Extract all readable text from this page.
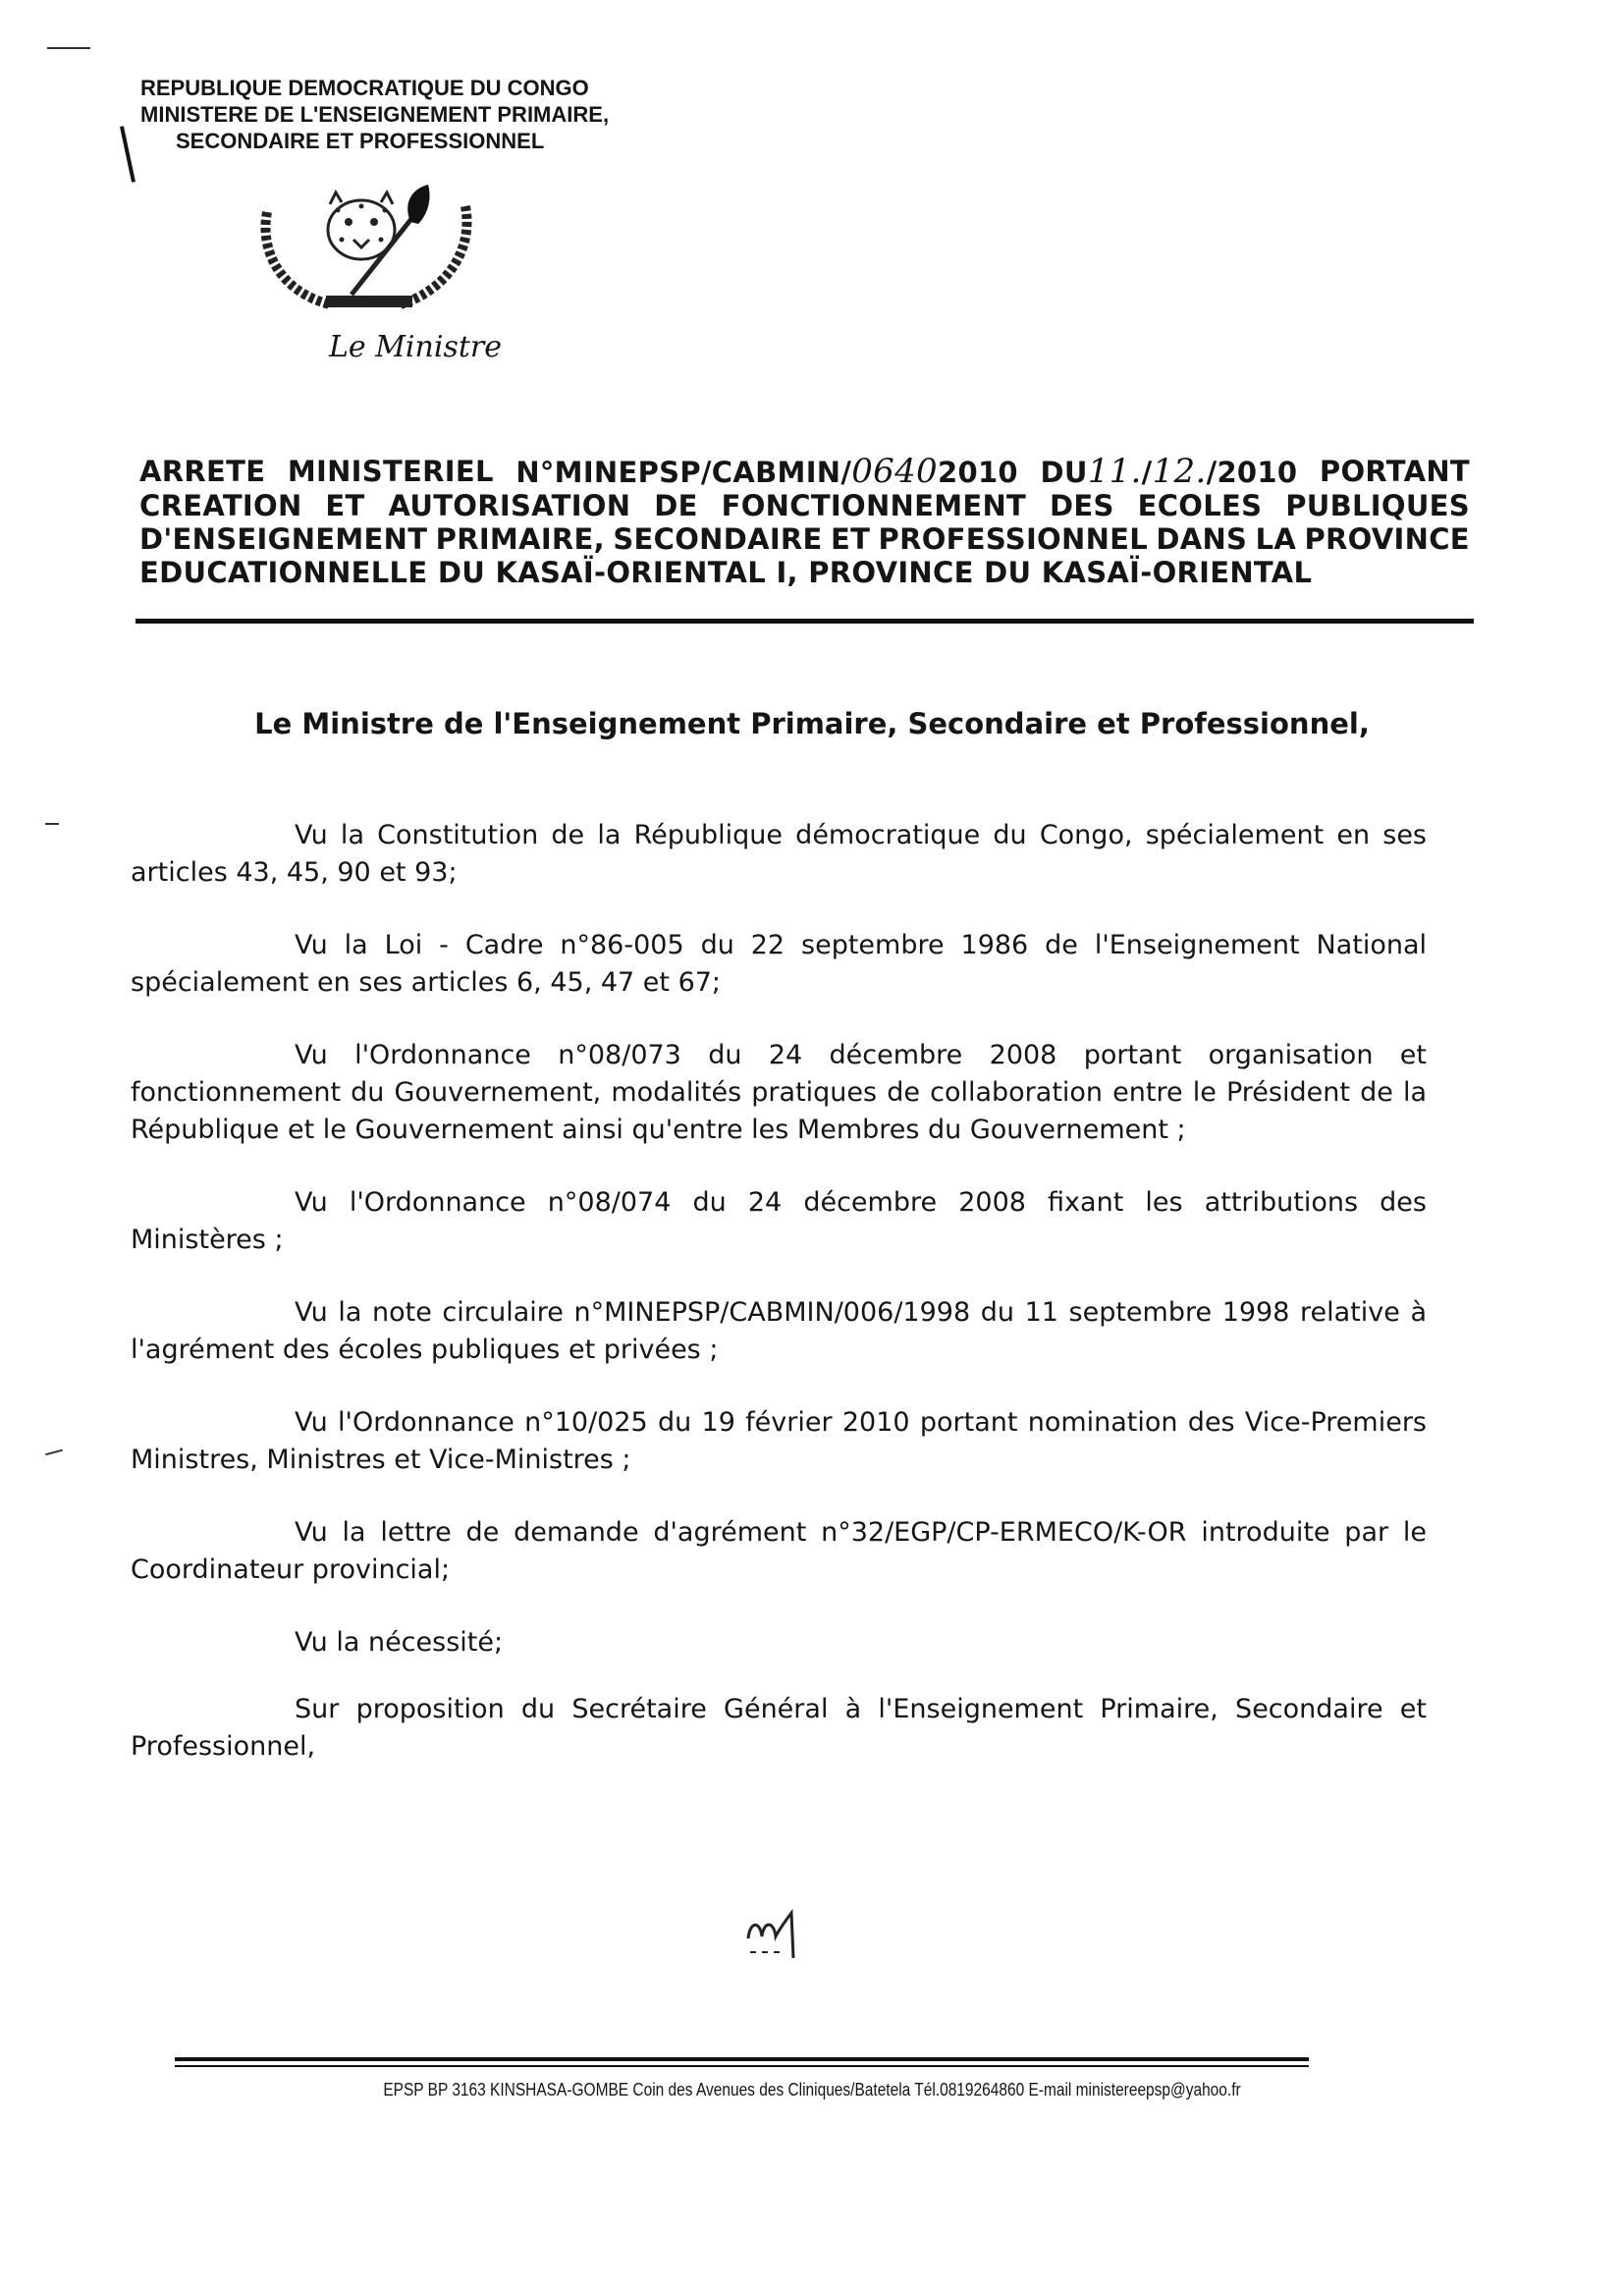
REPUBLIQUE DEMOCRATIQUE DU CONGO
MINISTERE DE L'ENSEIGNEMENT PRIMAIRE,
SECONDAIRE ET PROFESSIONNEL
Le Ministre
ARRETE MINISTERIEL N°MINEPSP/CABMIN/06402010 DU11./12./2010 PORTANT
CREATION ET AUTORISATION DE FONCTIONNEMENT DES ECOLES PUBLIQUES
D'ENSEIGNEMENT PRIMAIRE, SECONDAIRE ET PROFESSIONNEL DANS LA PROVINCE
EDUCATIONNELLE DU KASAÏ-ORIENTAL I, PROVINCE DU KASAÏ-ORIENTAL
Le Ministre de l'Enseignement Primaire, Secondaire et Professionnel,

Vu la Constitution de la République démocratique du Congo, spécialement en ses articles 43, 45, 90 et 93;

Vu la Loi - Cadre n°86-005 du 22 septembre 1986 de l'Enseignement National spécialement en ses articles 6, 45, 47 et 67;

Vu l'Ordonnance n°08/073 du 24 décembre 2008 portant organisation et fonctionnement du Gouvernement, modalités pratiques de collaboration entre le Président de la République et le Gouvernement ainsi qu'entre les Membres du Gouvernement ;

Vu l'Ordonnance n°08/074 du 24 décembre 2008 fixant les attributions des Ministères ;

Vu la note circulaire n°MINEPSP/CABMIN/006/1998 du 11 septembre 1998 relative à l'agrément des écoles publiques et privées ;

Vu l'Ordonnance n°10/025 du 19 février 2010 portant nomination des Vice-Premiers Ministres, Ministres et Vice-Ministres ;

Vu la lettre de demande d'agrément n°32/EGP/CP-ERMECO/K-OR introduite par le Coordinateur provincial;

Vu la nécessité;

Sur proposition du Secrétaire Général à l'Enseignement Primaire, Secondaire et Professionnel,

EPSP BP 3163 KINSHASA-GOMBE Coin des Avenues des Cliniques/Batetela Tél.0819264860 E-mail ministereepsp@yahoo.fr
